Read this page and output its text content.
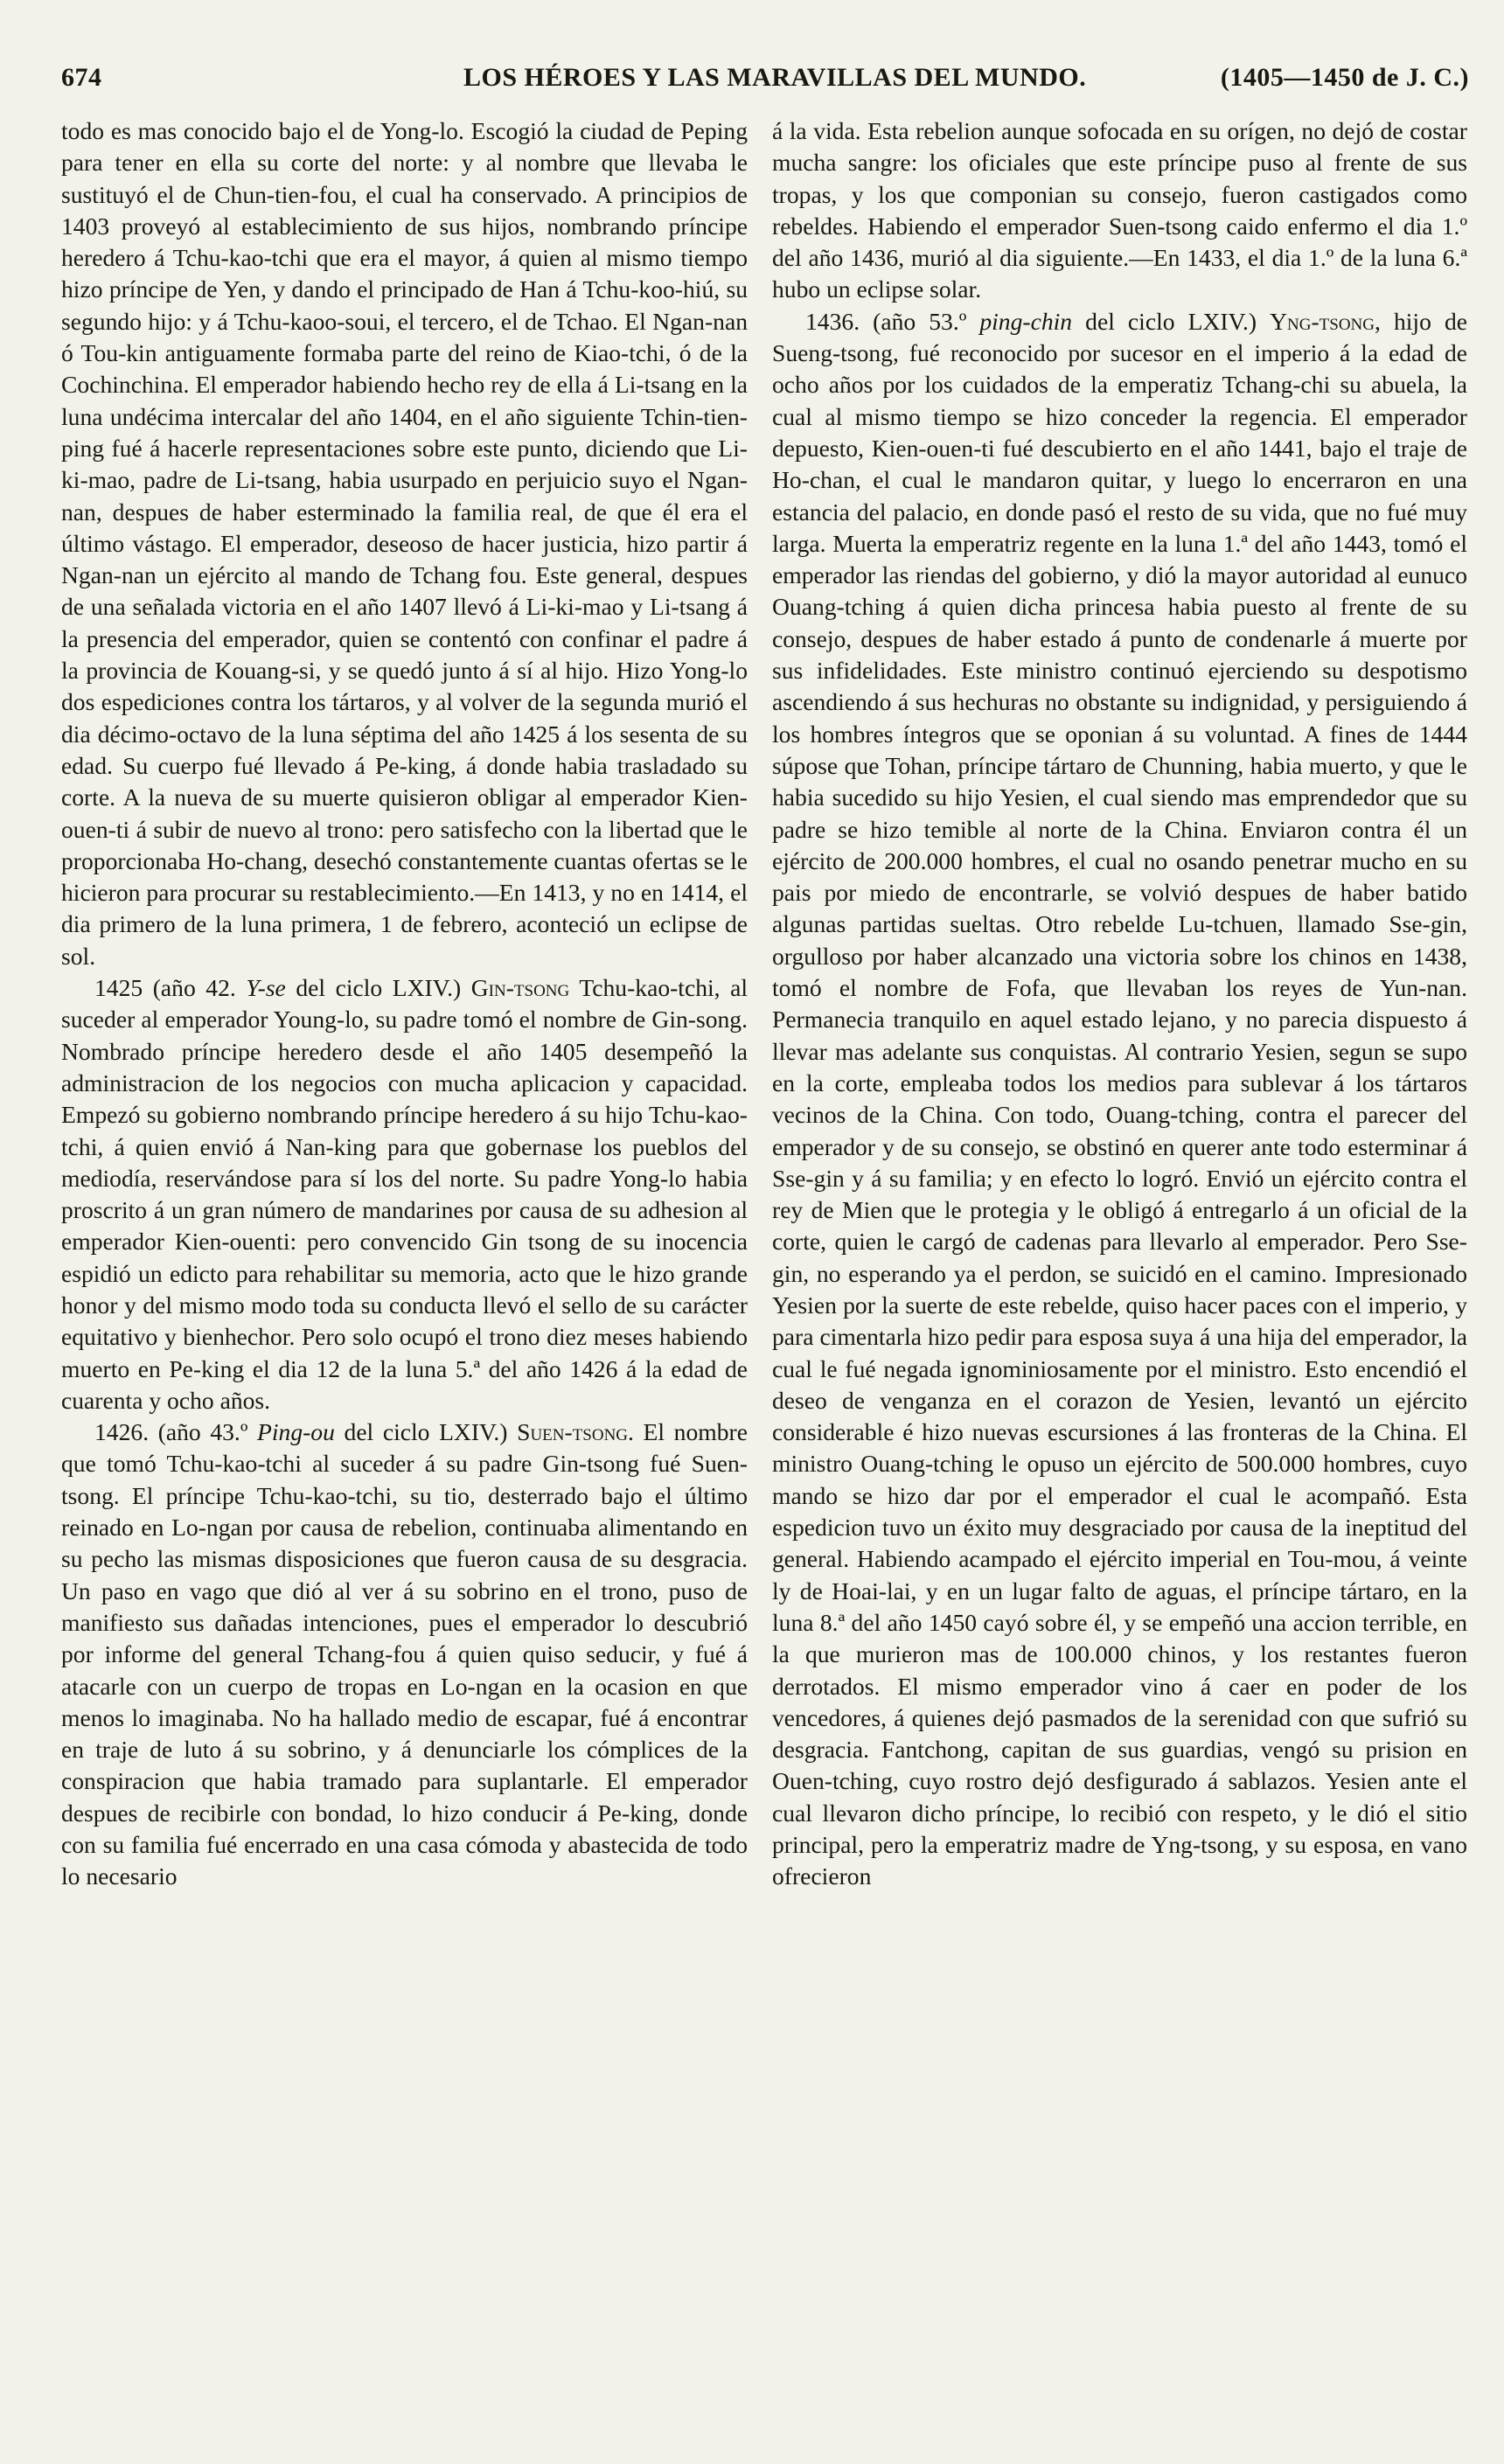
674	LOS HÉROES Y LAS MARAVILLAS DEL MUNDO.	(1405—1450 de J. C.)

todo es mas conocido bajo el de Yong-lo. Escogió la ciudad de Peping para tener en ella su corte del norte: y al nombre que llevaba le sustituyó el de Chun-tien-fou, el cual ha conservado. A principios de 1403 proveyó al establecimiento de sus hijos, nombrando príncipe heredero á Tchu-kao-tchi que era el mayor, á quien al mismo tiempo hizo príncipe de Yen, y dando el principado de Han á Tchu-koo-hiú, su segundo hijo: y á Tchu-kaoo-soui, el tercero, el de Tchao. El Ngan-nan ó Tou-kin antiguamente formaba parte del reino de Kiao-tchi, ó de la Cochinchina. El emperador habiendo hecho rey de ella á Li-tsang en la luna undécima intercalar del año 1404, en el año siguiente Tchin-tien-ping fué á hacerle representaciones sobre este punto, diciendo que Li-ki-mao, padre de Li-tsang, habia usurpado en perjuicio suyo el Ngan-nan, despues de haber esterminado la familia real, de que él era el último vástago. El emperador, deseoso de hacer justicia, hizo partir á Ngan-nan un ejército al mando de Tchang fou. Este general, despues de una señalada victoria en el año 1407 llevó á Li-ki-mao y Li-tsang á la presencia del emperador, quien se contentó con confinar el padre á la provincia de Kouang-si, y se quedó junto á sí al hijo. Hizo Yong-lo dos espediciones contra los tártaros, y al volver de la segunda murió el dia décimo-octavo de la luna séptima del año 1425 á los sesenta de su edad. Su cuerpo fué llevado á Pe-king, á donde habia trasladado su corte. A la nueva de su muerte quisieron obligar al emperador Kien-ouen-ti á subir de nuevo al trono: pero satisfecho con la libertad que le proporcionaba Ho-chang, desechó constantemente cuantas ofertas se le hicieron para procurar su restablecimiento.—En 1413, y no en 1414, el dia primero de la luna primera, 1 de febrero, aconteció un eclipse de sol.

1425 (año 42. Y-se del ciclo LXIV.) Gin-tsong Tchu-kao-tchi, al suceder al emperador Young-lo, su padre tomó el nombre de Gin-song. Nombrado príncipe heredero desde el año 1405 desempeñó la administracion de los negocios con mucha aplicacion y capacidad. Empezó su gobierno nombrando príncipe heredero á su hijo Tchu-kao-tchi, á quien envió á Nan-king para que gobernase los pueblos del mediodía, reservándose para sí los del norte. Su padre Yong-lo habia proscrito á un gran número de mandarines por causa de su adhesion al emperador Kien-ouenti: pero convencido Gin tsong de su inocencia espidió un edicto para rehabilitar su memoria, acto que le hizo grande honor y del mismo modo toda su conducta llevó el sello de su carácter equitativo y bienhechor. Pero solo ocupó el trono diez meses habiendo muerto en Pe-king el dia 12 de la luna 5.ª del año 1426 á la edad de cuarenta y ocho años.

1426. (año 43.º Ping-ou del ciclo LXIV.) Suen-tsong. El nombre que tomó Tchu-kao-tchi al suceder á su padre Gin-tsong fué Suen-tsong. El príncipe Tchu-kao-tchi, su tio, desterrado bajo el último reinado en Lo-ngan por causa de rebelion, continuaba alimentando en su pecho las mismas disposiciones que fueron causa de su desgracia. Un paso en vago que dió al ver á su sobrino en el trono, puso de manifiesto sus dañadas intenciones, pues el emperador lo descubrió por informe del general Tchang-fou á quien quiso seducir, y fué á atacarle con un cuerpo de tropas en Lo-ngan en la ocasion en que menos lo imaginaba. No ha hallado medio de escapar, fué á encontrar en traje de luto á su sobrino, y á denunciarle los cómplices de la conspiracion que habia tramado para suplantarle. El emperador despues de recibirle con bondad, lo hizo conducir á Pe-king, donde con su familia fué encerrado en una casa cómoda y abastecida de todo lo necesario

á la vida. Esta rebelion aunque sofocada en su orígen, no dejó de costar mucha sangre: los oficiales que este príncipe puso al frente de sus tropas, y los que componian su consejo, fueron castigados como rebeldes. Habiendo el emperador Suen-tsong caido enfermo el dia 1.º del año 1436, murió al dia siguiente.—En 1433, el dia 1.º de la luna 6.ª hubo un eclipse solar.

1436. (año 53.º ping-chin del ciclo LXIV.) Yng-tsong, hijo de Sueng-tsong, fué reconocido por sucesor en el imperio á la edad de ocho años por los cuidados de la emperatiz Tchang-chi su abuela, la cual al mismo tiempo se hizo conceder la regencia. El emperador depuesto, Kien-ouen-ti fué descubierto en el año 1441, bajo el traje de Ho-chan, el cual le mandaron quitar, y luego lo encerraron en una estancia del palacio, en donde pasó el resto de su vida, que no fué muy larga. Muerta la emperatriz regente en la luna 1.ª del año 1443, tomó el emperador las riendas del gobierno, y dió la mayor autoridad al eunuco Ouang-tching á quien dicha princesa habia puesto al frente de su consejo, despues de haber estado á punto de condenarle á muerte por sus infidelidades. Este ministro continuó ejerciendo su despotismo ascendiendo á sus hechuras no obstante su indignidad, y persiguiendo á los hombres íntegros que se oponian á su voluntad. A fines de 1444 súpose que Tohan, príncipe tártaro de Chunning, habia muerto, y que le habia sucedido su hijo Yesien, el cual siendo mas emprendedor que su padre se hizo temible al norte de la China. Enviaron contra él un ejército de 200.000 hombres, el cual no osando penetrar mucho en su pais por miedo de encontrarle, se volvió despues de haber batido algunas partidas sueltas. Otro rebelde Lu-tchuen, llamado Sse-gin, orgulloso por haber alcanzado una victoria sobre los chinos en 1438, tomó el nombre de Fofa, que llevaban los reyes de Yun-nan. Permanecia tranquilo en aquel estado lejano, y no parecia dispuesto á llevar mas adelante sus conquistas. Al contrario Yesien, segun se supo en la corte, empleaba todos los medios para sublevar á los tártaros vecinos de la China. Con todo, Ouang-tching, contra el parecer del emperador y de su consejo, se obstinó en querer ante todo esterminar á Sse-gin y á su familia; y en efecto lo logró. Envió un ejército contra el rey de Mien que le protegia y le obligó á entregarlo á un oficial de la corte, quien le cargó de cadenas para llevarlo al emperador. Pero Sse-gin, no esperando ya el perdon, se suicidó en el camino. Impresionado Yesien por la suerte de este rebelde, quiso hacer paces con el imperio, y para cimentarla hizo pedir para esposa suya á una hija del emperador, la cual le fué negada ignominiosamente por el ministro. Esto encendió el deseo de venganza en el corazon de Yesien, levantó un ejército considerable é hizo nuevas escursiones á las fronteras de la China. El ministro Ouang-tching le opuso un ejército de 500.000 hombres, cuyo mando se hizo dar por el emperador el cual le acompañó. Esta espedicion tuvo un éxito muy desgraciado por causa de la ineptitud del general. Habiendo acampado el ejército imperial en Tou-mou, á veinte ly de Hoai-lai, y en un lugar falto de aguas, el príncipe tártaro, en la luna 8.ª del año 1450 cayó sobre él, y se empeñó una accion terrible, en la que murieron mas de 100.000 chinos, y los restantes fueron derrotados. El mismo emperador vino á caer en poder de los vencedores, á quienes dejó pasmados de la serenidad con que sufrió su desgracia. Fantchong, capitan de sus guardias, vengó su prision en Ouen-tching, cuyo rostro dejó desfigurado á sablazos. Yesien ante el cual llevaron dicho príncipe, lo recibió con respeto, y le dió el sitio principal, pero la emperatriz madre de Yng-tsong, y su esposa, en vano ofrecieron
